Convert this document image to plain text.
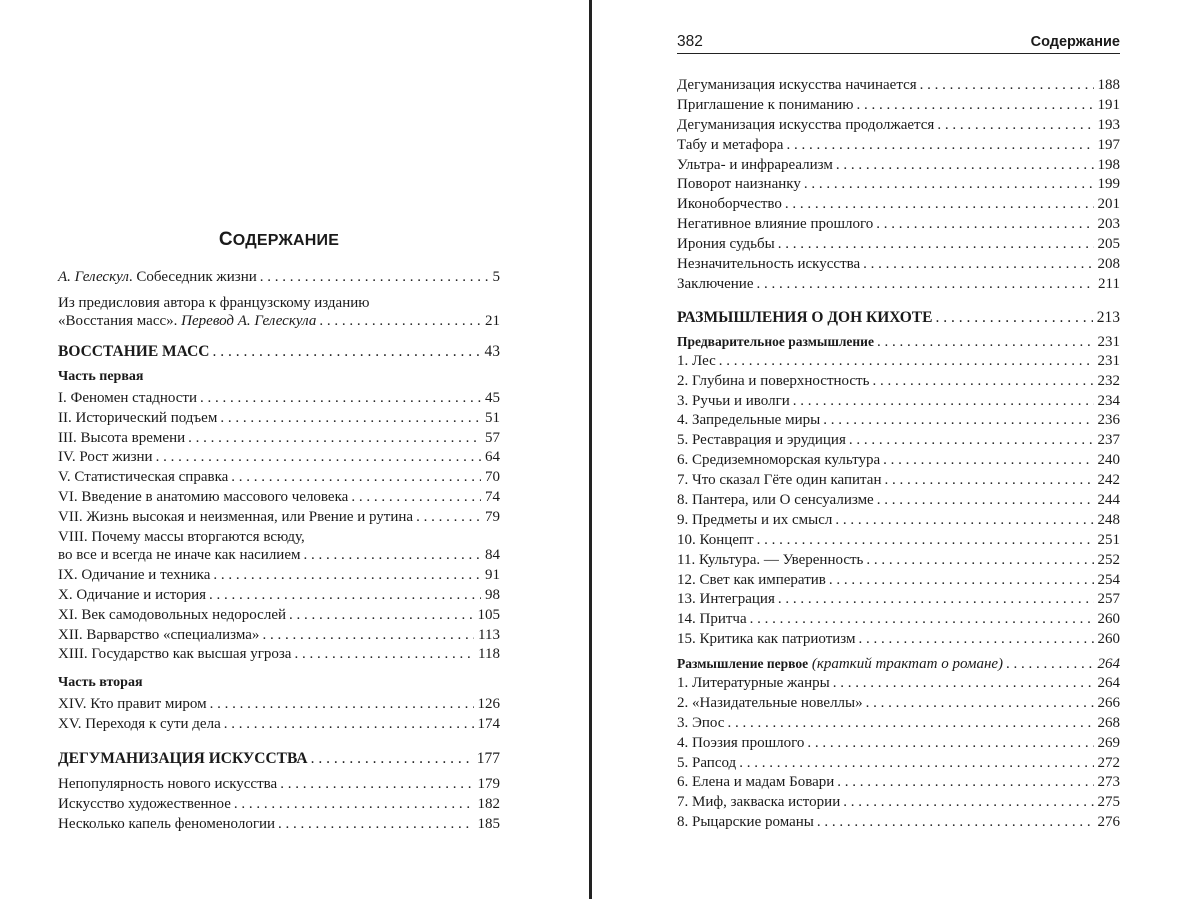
СОДЕРЖАНИЕ
А. Гелескул. Собеседник жизни . . .	5
Из предисловия автора к французскому изданию
«Восстания масс». Перевод А. Гелескула . . .	21
ВОССТАНИЕ МАСС . . .	43
Часть первая
I. Феномен стадности . . .	45
II. Исторический подъем . . .	51
III. Высота времени . . .	57
IV. Рост жизни . . .	64
V. Статистическая справка . . .	70
VI. Введение в анатомию массового человека . . .	74
VII. Жизнь высокая и неизменная, или Рвение и рутина . . .	79
VIII. Почему массы вторгаются всюду,
во все и всегда не иначе как насилием . . .	84
IX. Одичание и техника . . .	91
X. Одичание и история . . .	98
XI. Век самодовольных недорослей . . .	105
XII. Варварство «специализма» . . .	113
XIII. Государство как высшая угроза . . .	118
Часть вторая
XIV. Кто правит миром . . .	126
XV. Переходя к сути дела . . .	174
ДЕГУМАНИЗАЦИЯ ИСКУССТВА . . .	177
Непопулярность нового искусства . . .	179
Искусство художественное . . .	182
Несколько капель феноменологии . . .	185
382	Содержание
Дегуманизация искусства начинается . . .	188
Приглашение к пониманию . . .	191
Дегуманизация искусства продолжается . . .	193
Табу и метафора . . .	197
Ультра- и инфрареализм . . .	198
Поворот наизнанку . . .	199
Иконоборчество . . .	201
Негативное влияние прошлого . . .	203
Ирония судьбы . . .	205
Незначительность искусства . . .	208
Заключение . . .	211
РАЗМЫШЛЕНИЯ О ДОН КИХОТЕ . . .	213
Предварительное размышление . . .	231
1. Лес . . .	231
2. Глубина и поверхностность . . .	232
3. Ручьи и иволги . . .	234
4. Запредельные миры . . .	236
5. Реставрация и эрудиция . . .	237
6. Средиземноморская культура . . .	240
7. Что сказал Гёте один капитан . . .	242
8. Пантера, или О сенсуализме . . .	244
9. Предметы и их смысл . . .	248
10. Концепт . . .	251
11. Культура. — Уверенность . . .	252
12. Свет как императив . . .	254
13. Интеграция . . .	257
14. Притча . . .	260
15. Критика как патриотизм . . .	260
Размышление первое (краткий трактат о романе) . . .	264
1. Литературные жанры . . .	264
2. «Назидательные новеллы» . . .	266
3. Эпос . . .	268
4. Поэзия прошлого . . .	269
5. Рапсод . . .	272
6. Елена и мадам Бовари . . .	273
7. Миф, закваска истории . . .	275
8. Рыцарские романы . . .	276
